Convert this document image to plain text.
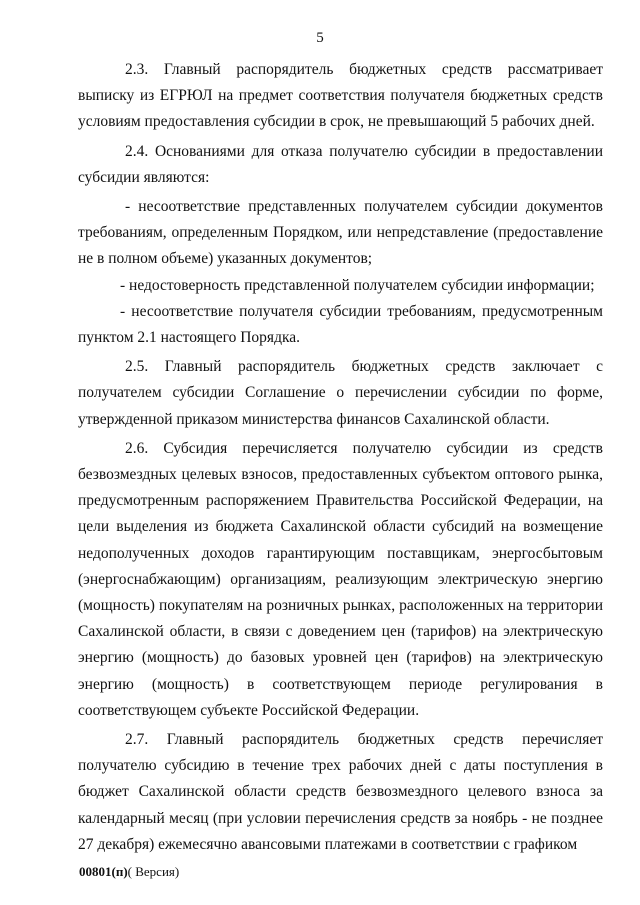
5

2.3. Главный распорядитель бюджетных средств рассматривает выписку из ЕГРЮЛ на предмет соответствия получателя бюджетных средств условиям предоставления субсидии в срок, не превышающий 5 рабочих дней.

2.4. Основаниями для отказа получателю субсидии в предоставлении субсидии являются:

- несоответствие представленных получателем субсидии документов требованиям, определенным Порядком, или непредставление (предоставление не в полном объеме) указанных документов;

- недостоверность представленной получателем субсидии информации;

- несоответствие получателя субсидии требованиям, предусмотренным пунктом 2.1 настоящего Порядка.

2.5. Главный распорядитель бюджетных средств заключает с получателем субсидии Соглашение о перечислении субсидии по форме, утвержденной приказом министерства финансов Сахалинской области.

2.6. Субсидия перечисляется получателю субсидии из средств безвозмездных целевых взносов, предоставленных субъектом оптового рынка, предусмотренным распоряжением Правительства Российской Федерации, на цели выделения из бюджета Сахалинской области субсидий на возмещение недополученных доходов гарантирующим поставщикам, энергосбытовым (энергоснабжающим) организациям, реализующим электрическую энергию (мощность) покупателям на розничных рынках, расположенных на территории Сахалинской области, в связи с доведением цен (тарифов) на электрическую энергию (мощность) до базовых уровней цен (тарифов) на электрическую энергию (мощность) в соответствующем периоде регулирования в соответствующем субъекте Российской Федерации.

2.7. Главный распорядитель бюджетных средств перечисляет получателю субсидию в течение трех рабочих дней с даты поступления в бюджет Сахалинской области средств безвозмездного целевого взноса за календарный месяц (при условии перечисления средств за ноябрь - не позднее 27 декабря) ежемесячно авансовыми платежами в соответствии с графиком

00801(п)( Версия)
